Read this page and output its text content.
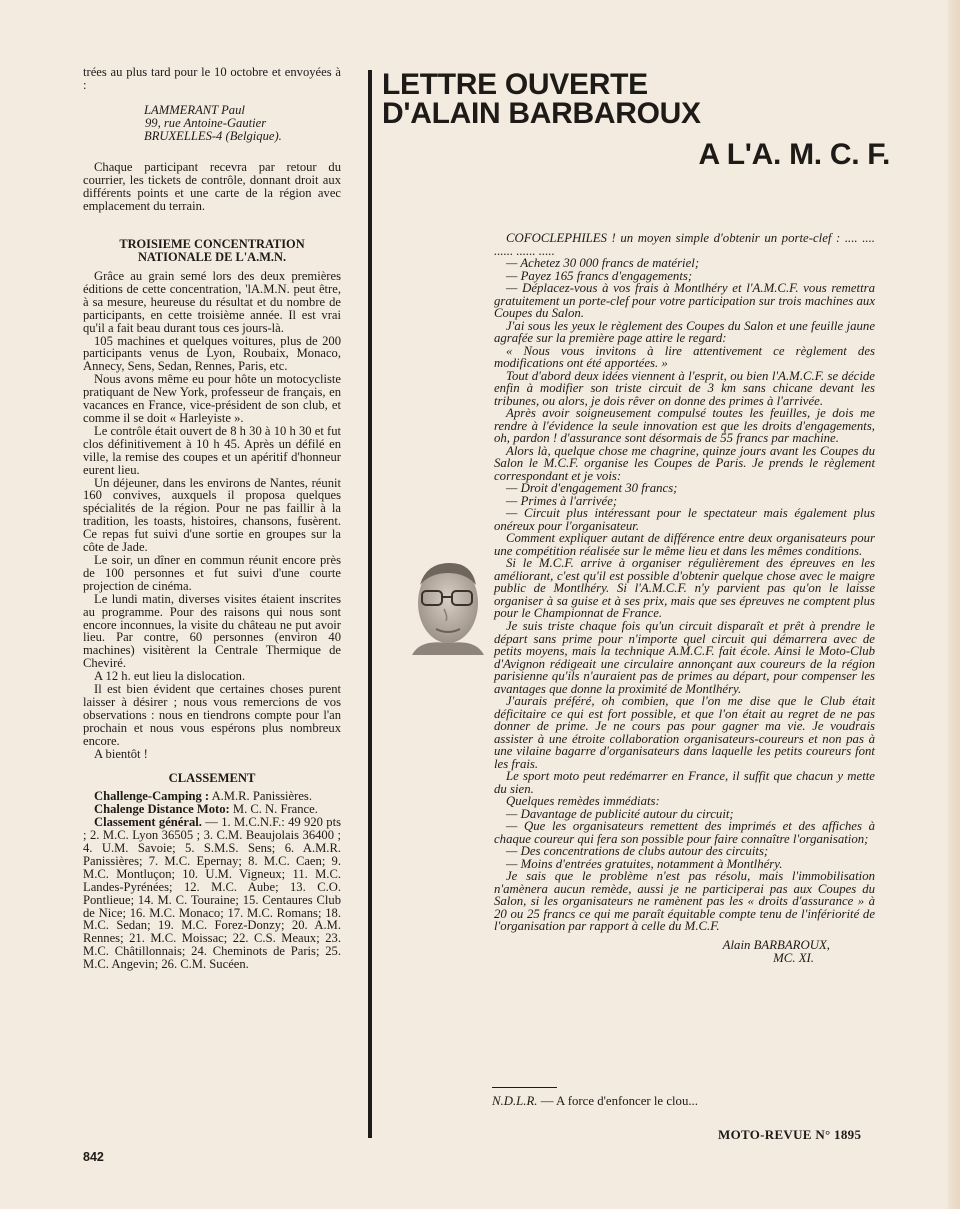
trées au plus tard pour le 10 octobre et envoyées à :

LAMMERANT Paul
99, rue Antoine-Gautier
BRUXELLES-4 (Belgique).

Chaque participant recevra par retour du courrier, les tickets de contrôle, donnant droit aux différents points et une carte de la région avec emplacement du terrain.

TROISIEME CONCENTRATION
NATIONALE DE L'A.M.N.

Grâce au grain semé lors des deux premières éditions de cette concentration, 'lA.M.N. peut être, à sa mesure, heureuse du résultat et du nombre de participants, en cette troisième année. Il est vrai qu'il a fait beau durant tous ces jours-là.

105 machines et quelques voitures, plus de 200 participants venus de Lyon, Roubaix, Monaco, Annecy, Sens, Sedan, Rennes, Paris, etc.

Nous avons même eu pour hôte un motocycliste pratiquant de New York, professeur de français, en vacances en France, vice-président de son club, et comme il se doit « Harleyiste ».

Le contrôle était ouvert de 8 h 30 à 10 h 30 et fut clos définitivement à 10 h 45. Après un défilé en ville, la remise des coupes et un apéritif d'honneur eurent lieu.

Un déjeuner, dans les environs de Nantes, réunit 160 convives, auxquels il proposa quelques spécialités de la région. Pour ne pas faillir à la tradition, les toasts, histoires, chansons, fusèrent. Ce repas fut suivi d'une sortie en groupes sur la côte de Jade.

Le soir, un dîner en commun réunit encore près de 100 personnes et fut suivi d'une courte projection de cinéma.

Le lundi matin, diverses visites étaient inscrites au programme. Pour des raisons qui nous sont encore inconnues, la visite du château ne put avoir lieu. Par contre, 60 personnes (environ 40 machines) visitèrent la Centrale Thermique de Cheviré.

A 12 h. eut lieu la dislocation.

Il est bien évident que certaines choses purent laisser à désirer ; nous vous remercions de vos observations : nous en tiendrons compte pour l'an prochain et nous vous espérons plus nombreux encore.

A bientôt !

CLASSEMENT

Challenge-Camping : A.M.R. Panissières.

Chalenge Distance Moto: M. C. N. France.

Classement général. — 1. M.C.N.F.: 49 920 pts ; 2. M.C. Lyon 36505 ; 3. C.M. Beaujolais 36400 ; 4. U.M. Savoie; 5. S.M.S. Sens; 6. A.M.R. Panissières; 7. M.C. Epernay; 8. M.C. Caen; 9. M.C. Montluçon; 10. U.M. Vigneux; 11. M.C. Landes-Pyrénées; 12. M.C. Aube; 13. C.O. Pontlieue; 14. M. C. Touraine; 15. Centaures Club de Nice; 16. M.C. Monaco; 17. M.C. Romans; 18. M.C. Sedan; 19. M.C. Forez-Donzy; 20. A.M. Rennes; 21. M.C. Moissac; 22. C.S. Meaux; 23. M.C. Châtillonnais; 24. Cheminots de Paris; 25. M.C. Angevin; 26. C.M. Sucéen.

LETTRE OUVERTE
D'ALAIN BARBAROUX
A L'A. M. C. F.

COFOCLEPHILES ! un moyen simple d'obtenir un porte-clef : .... .... ...... ...... .....

— Achetez 30 000 francs de matériel;

— Payez 165 francs d'engagements;

— Déplacez-vous à vos frais à Montlhéry et l'A.M.C.F. vous remettra gratuitement un porte-clef pour votre participation sur trois machines aux Coupes du Salon.

J'ai sous les yeux le règlement des Coupes du Salon et une feuille jaune agrafée sur la première page attire le regard:

« Nous vous invitons à lire attentivement ce règlement des modifications ont été apportées. »

Tout d'abord deux idées viennent à l'esprit, ou bien l'A.M.C.F. se décide enfin à modifier son triste circuit de 3 km sans chicane devant les tribunes, ou alors, je dois rêver on donne des primes à l'arrivée.

Après avoir soigneusement compulsé toutes les feuilles, je dois me rendre à l'évidence la seule innovation est que les droits d'engagements, oh, pardon ! d'assurance sont désormais de 55 francs par machine.

Alors là, quelque chose me chagrine, quinze jours avant les Coupes du Salon le M.C.F. organise les Coupes de Paris. Je prends le règlement correspondant et je vois:

— Droit d'engagement 30 francs;

— Primes à l'arrivée;

— Circuit plus intéressant pour le spectateur mais également plus onéreux pour l'organisateur.

Comment expliquer autant de différence entre deux organisateurs pour une compétition réalisée sur le même lieu et dans les mêmes conditions.

Si le M.C.F. arrive à organiser régulièrement des épreuves en les améliorant, c'est qu'il est possible d'obtenir quelque chose avec le maigre public de Montlhéry. Si l'A.M.C.F. n'y parvient pas qu'on le laisse organiser à sa guise et à ses prix, mais que ses épreuves ne comptent plus pour le Championnat de France.

Je suis triste chaque fois qu'un circuit disparaît et prêt à prendre le départ sans prime pour n'importe quel circuit qui démarrera avec de petits moyens, mais la technique A.M.C.F. fait école. Ainsi le Moto-Club d'Avignon rédigeait une circulaire annonçant aux coureurs de la région parisienne qu'ils n'auraient pas de primes au départ, pour compenser les avantages que donne la proximité de Montlhéry.

J'aurais préféré, oh combien, que l'on me dise que le Club était déficitaire ce qui est fort possible, et que l'on était au regret de ne pas donner de prime. Je ne cours pas pour gagner ma vie. Je voudrais assister à une étroite collaboration organisateurs-coureurs et non pas à une vilaine bagarre d'organisateurs dans laquelle les petits coureurs font les frais.

Le sport moto peut redémarrer en France, il suffit que chacun y mette du sien.

Quelques remèdes immédiats:

— Davantage de publicité autour du circuit;

— Que les organisateurs remettent des imprimés et des affiches à chaque coureur qui fera son possible pour faire connaître l'organisation;

— Des concentrations de clubs autour des circuits;

— Moins d'entrées gratuites, notamment à Montlhéry.

Je sais que le problème n'est pas résolu, mais l'immobilisation n'amènera aucun remède, aussi je ne participerai pas aux Coupes du Salon, si les organisateurs ne ramènent pas les « droits d'assurance » à 20 ou 25 francs ce qui me paraît équitable compte tenu de l'infériorité de l'organisation par rapport à celle du M.C.F.

Alain BARBAROUX,
MC. XI.
N.D.L.R. — A force d'enfoncer le clou...
842
MOTO-REVUE N° 1895
